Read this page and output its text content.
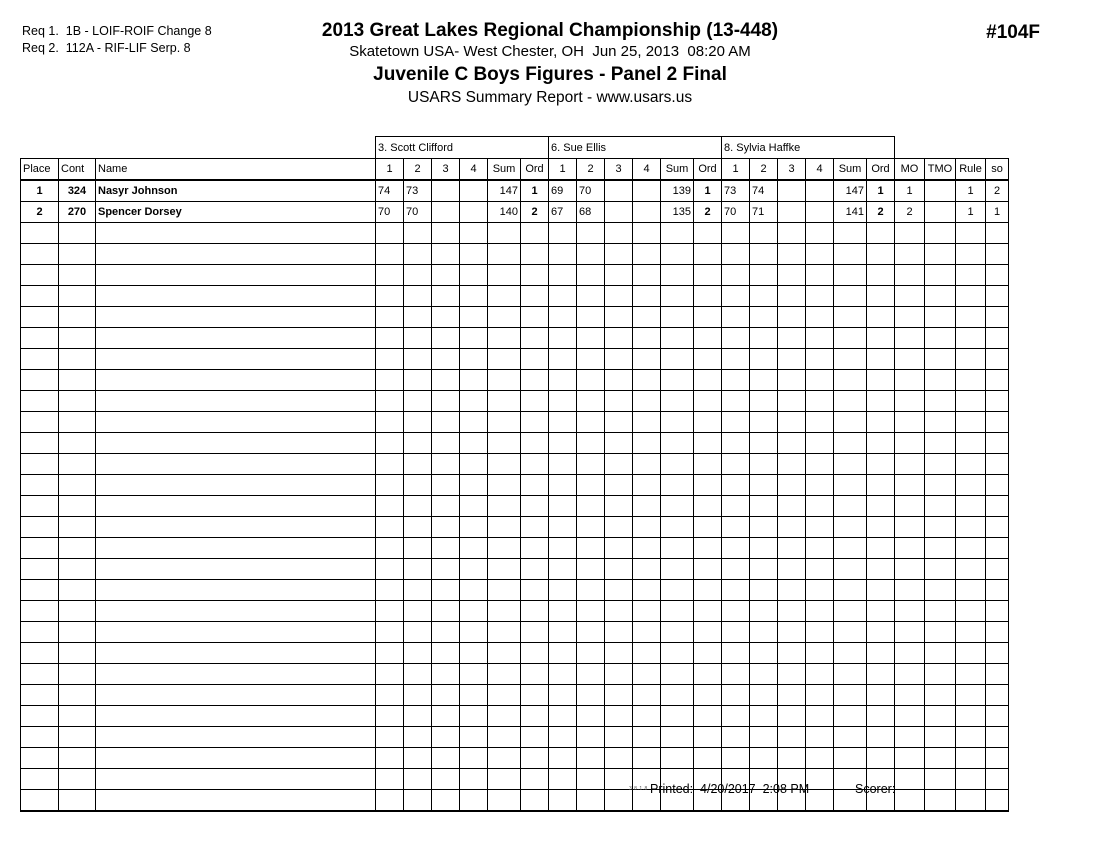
Req 1.  1B - LOIF-ROIF Change 8
Req 2.  112A - RIF-LIF Serp. 8
2013 Great Lakes Regional Championship (13-448)
Skatetown USA- West Chester, OH  Jun 25, 2013  08:20 AM
Juvenile C Boys Figures - Panel 2 Final
USARS Summary Report - www.usars.us
#104F
			3. Scott Clifford						6. Sue Ellis						8. Sylvia Haffke									
Place	Cont	Name	1	2	3	4	Sum	Ord	1	2	3	4	Sum	Ord	1	2	3	4	Sum	Ord	MO	TMO	Rule	so
1	324	Nasyr Johnson	74	73			147	1	69	70			139	1	73	74			147	1	1		1	2
2	270	Spencer Dorsey	70	70			140	2	67	68			135	2	70	71			141	2	2		1	1

3.8.1.8 Printed:  4/20/2017  2:08 PM	Scorer:
